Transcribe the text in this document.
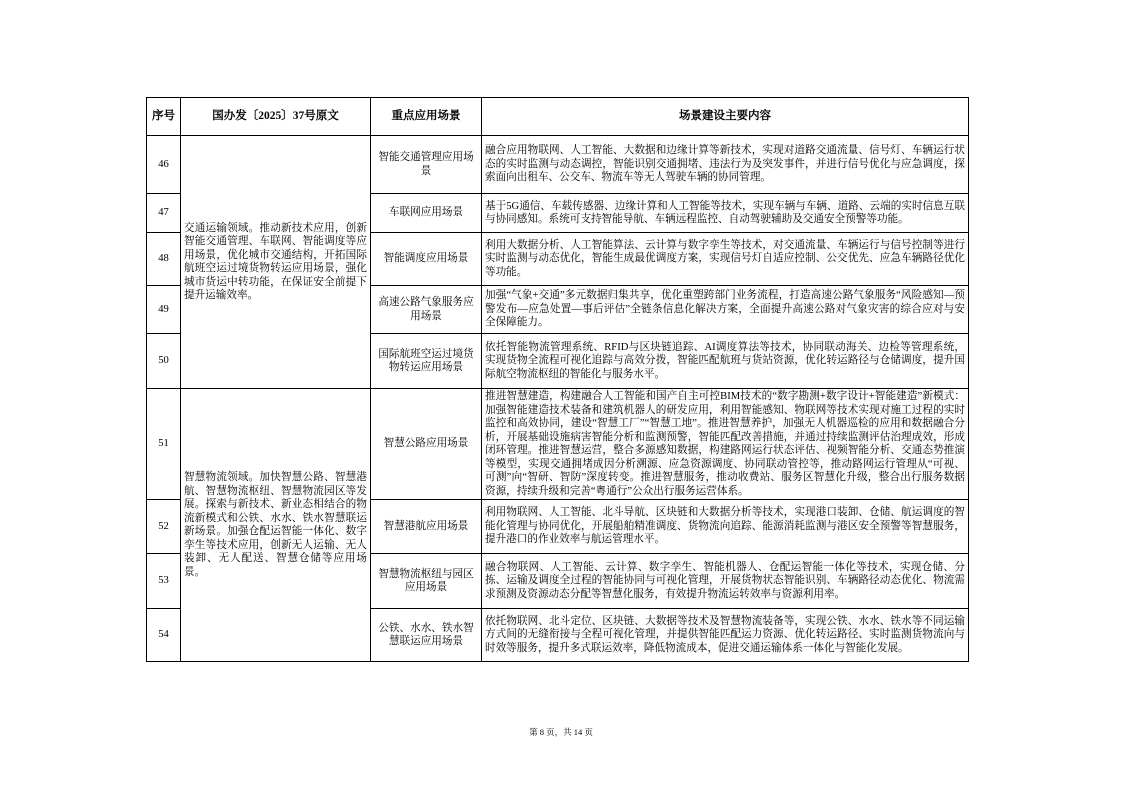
序号	国办发〔2025〕37号原文	重点应用场景	场景建设主要内容
46	交通运输领域。推动新技术应用，创新智能交通管理、车联网、智能调度等应用场景，优化城市交通结构，开拓国际航班空运过境货物转运应用场景，强化城市货运中转功能，在保证安全前提下提升运输效率。	智能交通管理应用场景	融合应用物联网、人工智能、大数据和边缘计算等新技术，实现对道路交通流量、信号灯、车辆运行状态的实时监测与动态调控，智能识别交通拥堵、违法行为及突发事件，并进行信号优化与应急调度，探索面向出租车、公交车、物流车等无人驾驶车辆的协同管理。
47		车联网应用场景	基于5G通信、车载传感器、边缘计算和人工智能等技术，实现车辆与车辆、道路、云端的实时信息互联与协同感知。系统可支持智能导航、车辆远程监控、自动驾驶辅助及交通安全预警等功能。
48		智能调度应用场景	利用大数据分析、人工智能算法、云计算与数字孪生等技术，对交通流量、车辆运行与信号控制等进行实时监测与动态优化，智能生成最优调度方案，实现信号灯自适应控制、公交优先、应急车辆路径优化等功能。
49		高速公路气象服务应用场景	加强“气象+交通”多元数据归集共享，优化重塑跨部门业务流程，打造高速公路气象服务“风险感知—预警发布—应急处置—事后评估”全链条信息化解决方案，全面提升高速公路对气象灾害的综合应对与安全保障能力。
50		国际航班空运过境货物转运应用场景	依托智能物流管理系统、RFID与区块链追踪、AI调度算法等技术，协同联动海关、边检等管理系统，实现货物全流程可视化追踪与高效分拨，智能匹配航班与货站资源，优化转运路径与仓储调度，提升国际航空物流枢纽的智能化与服务水平。
51	智慧物流领域。加快智慧公路、智慧港航、智慧物流枢纽、智慧物流园区等发展。探索与新技术、新业态相结合的物流新模式和公铁、水水、铁水智慧联运新场景。加强仓配运智能一体化、数字孪生等技术应用，创新无人运输、无人装卸、无人配送、智慧仓储等应用场景。	智慧公路应用场景	推进智慧建造，构建融合人工智能和国产自主可控BIM技术的“数字勘测+数字设计+智能建造”新模式：加强智能建造技术装备和建筑机器人的研发应用，利用智能感知、物联网等技术实现对施工过程的实时监控和高效协同，建设“智慧工厂”“智慧工地”。推进智慧养护，加强无人机器巡检的应用和数据融合分析，开展基础设施病害智能分析和监测预警，智能匹配改善措施，并通过持续监测评估治理成效，形成闭环管理。推进智慧运营，整合多源感知数据，构建路网运行状态评估、视频智能分析、交通态势推演等模型，实现交通拥堵成因分析溯源、应急资源调度、协同联动管控等，推动路网运行管理从“可视、可测”向“智研、智防”深度转变。推进智慧服务，推动收费站、服务区智慧化升级，整合出行服务数据资源，持续升级和完善“粤通行”公众出行服务运营体系。
52		智慧港航应用场景	利用物联网、人工智能、北斗导航、区块链和大数据分析等技术，实现港口装卸、仓储、航运调度的智能化管理与协同优化，开展船舶精准调度、货物流向追踪、能源消耗监测与港区安全预警等智慧服务，提升港口的作业效率与航运管理水平。
53		智慧物流枢纽与园区应用场景	融合物联网、人工智能、云计算、数字孪生、智能机器人、仓配运智能一体化等技术，实现仓储、分拣、运输及调度全过程的智能协同与可视化管理，开展货物状态智能识别、车辆路径动态优化、物流需求预测及资源动态分配等智慧化服务，有效提升物流运转效率与资源利用率。
54		公铁、水水、铁水智慧联运应用场景	依托物联网、北斗定位、区块链、大数据等技术及智慧物流装备等，实现公铁、水水、铁水等不同运输方式间的无缝衔接与全程可视化管理，并提供智能匹配运力资源、优化转运路径、实时监测货物流向与时效等服务，提升多式联运效率，降低物流成本，促进交通运输体系一体化与智能化发展。
第 8 页，共 14 页
